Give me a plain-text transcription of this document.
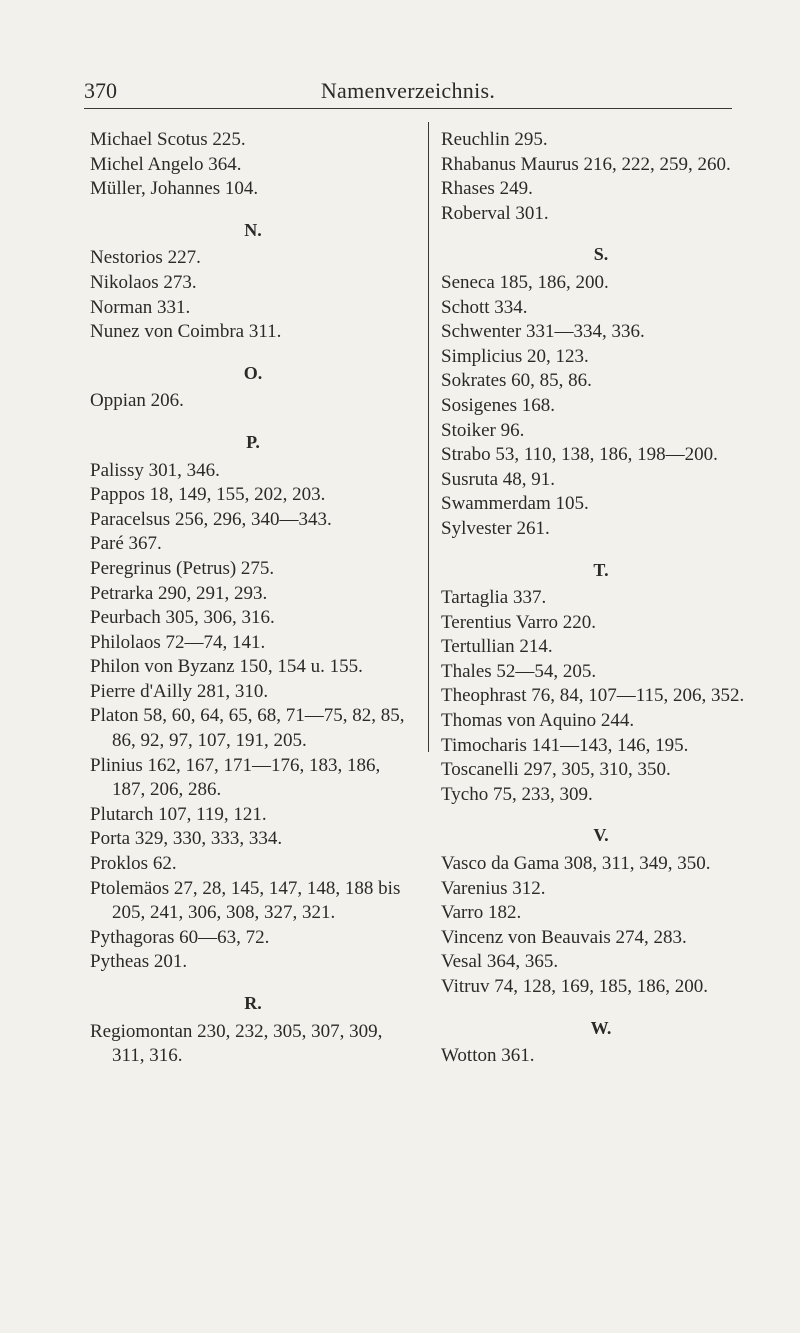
370	Namenverzeichnis.
Michael Scotus 225.
Michel Angelo 364.
Müller, Johannes 104.
N.
Nestorios 227.
Nikolaos 273.
Norman 331.
Nunez von Coimbra 311.
O.
Oppian 206.
P.
Palissy 301, 346.
Pappos 18, 149, 155, 202, 203.
Paracelsus 256, 296, 340—343.
Paré 367.
Peregrinus (Petrus) 275.
Petrarka 290, 291, 293.
Peurbach 305, 306, 316.
Philolaos 72—74, 141.
Philon von Byzanz 150, 154 u. 155.
Pierre d'Ailly 281, 310.
Platon 58, 60, 64, 65, 68, 71—75, 82, 85, 86, 92, 97, 107, 191, 205.
Plinius 162, 167, 171—176, 183, 186, 187, 206, 286.
Plutarch 107, 119, 121.
Porta 329, 330, 333, 334.
Proklos 62.
Ptolemäos 27, 28, 145, 147, 148, 188 bis 205, 241, 306, 308, 327, 321.
Pythagoras 60—63, 72.
Pytheas 201.
R.
Regiomontan 230, 232, 305, 307, 309, 311, 316.
Reuchlin 295.
Rhabanus Maurus 216, 222, 259, 260.
Rhases 249.
Roberval 301.
S.
Seneca 185, 186, 200.
Schott 334.
Schwenter 331—334, 336.
Simplicius 20, 123.
Sokrates 60, 85, 86.
Sosigenes 168.
Stoiker 96.
Strabo 53, 110, 138, 186, 198—200.
Susruta 48, 91.
Swammerdam 105.
Sylvester 261.
T.
Tartaglia 337.
Terentius Varro 220.
Tertullian 214.
Thales 52—54, 205.
Theophrast 76, 84, 107—115, 206, 352.
Thomas von Aquino 244.
Timocharis 141—143, 146, 195.
Toscanelli 297, 305, 310, 350.
Tycho 75, 233, 309.
V.
Vasco da Gama 308, 311, 349, 350.
Varenius 312.
Varro 182.
Vincenz von Beauvais 274, 283.
Vesal 364, 365.
Vitruv 74, 128, 169, 185, 186, 200.
W.
Wotton 361.
